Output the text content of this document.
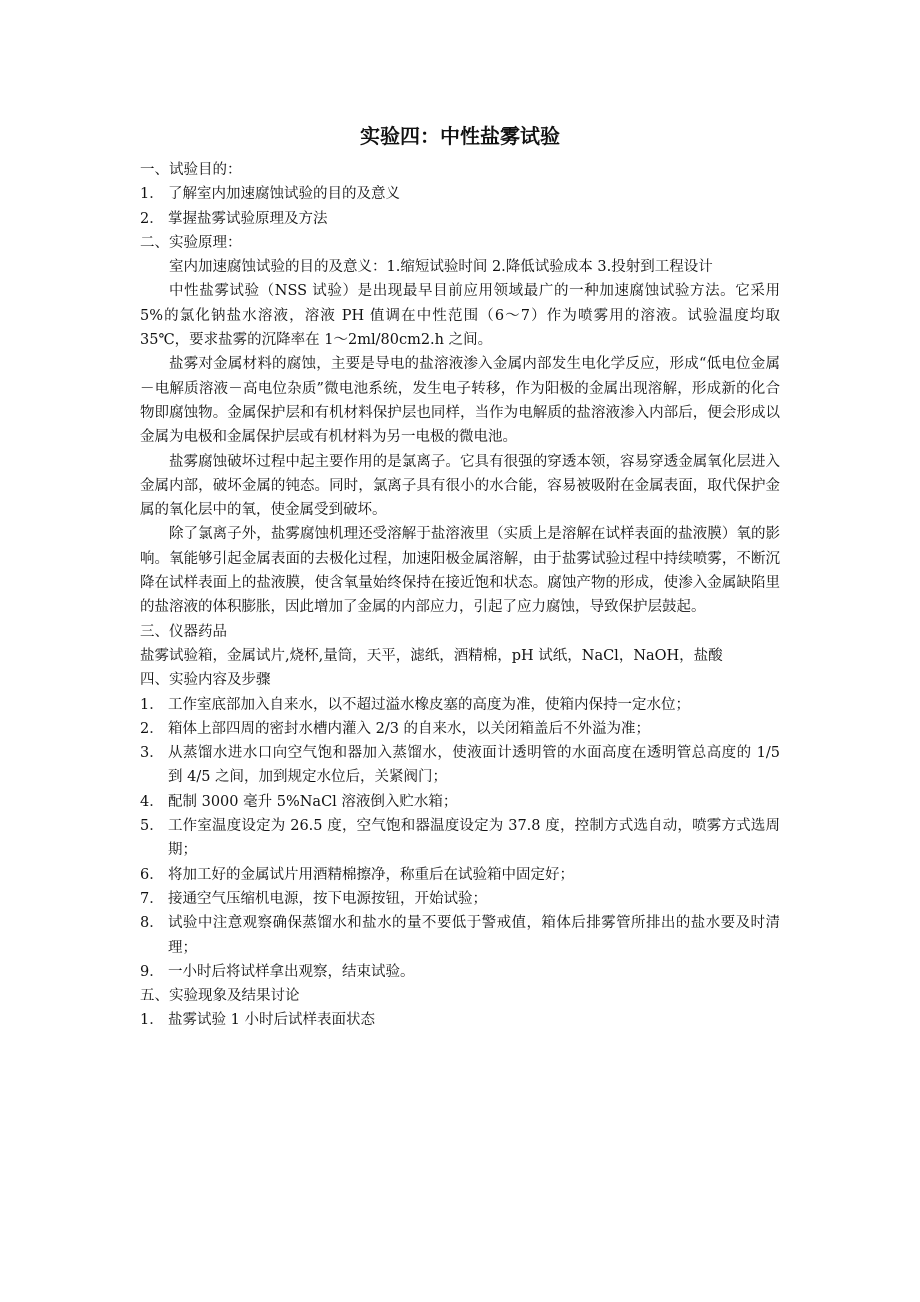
实验四：中性盐雾试验

一、试验目的：

1． 了解室内加速腐蚀试验的目的及意义
2． 掌握盐雾试验原理及方法

二、实验原理：

室内加速腐蚀试验的目的及意义：1.缩短试验时间 2.降低试验成本 3.投射到工程设计

中性盐雾试验（NSS 试验）是出现最早目前应用领域最广的一种加速腐蚀试验方法。它采用 5%的氯化钠盐水溶液，溶液 PH 值调在中性范围（6～7）作为喷雾用的溶液。试验温度均取 35℃，要求盐雾的沉降率在 1～2ml/80cm2.h 之间。

盐雾对金属材料的腐蚀，主要是导电的盐溶液渗入金属内部发生电化学反应，形成“低电位金属－电解质溶液－高电位杂质”微电池系统，发生电子转移，作为阳极的金属出现溶解，形成新的化合物即腐蚀物。金属保护层和有机材料保护层也同样，当作为电解质的盐溶液渗入内部后，便会形成以金属为电极和金属保护层或有机材料为另一电极的微电池。

盐雾腐蚀破坏过程中起主要作用的是氯离子。它具有很强的穿透本领，容易穿透金属氧化层进入金属内部，破坏金属的钝态。同时，氯离子具有很小的水合能，容易被吸附在金属表面，取代保护金属的氧化层中的氧，使金属受到破坏。

除了氯离子外，盐雾腐蚀机理还受溶解于盐溶液里（实质上是溶解在试样表面的盐液膜）氧的影响。氧能够引起金属表面的去极化过程，加速阳极金属溶解，由于盐雾试验过程中持续喷雾，不断沉降在试样表面上的盐液膜，使含氧量始终保持在接近饱和状态。腐蚀产物的形成，使渗入金属缺陷里的盐溶液的体积膨胀，因此增加了金属的内部应力，引起了应力腐蚀，导致保护层鼓起。

三、仪器药品

盐雾试验箱，金属试片,烧杯,量筒，天平，滤纸，酒精棉，pH 试纸，NaCl，NaOH，盐酸

四、实验内容及步骤

1． 工作室底部加入自来水，以不超过溢水橡皮塞的高度为准，使箱内保持一定水位；
2． 箱体上部四周的密封水槽内灌入 2/3 的自来水，以关闭箱盖后不外溢为准；
3． 从蒸馏水进水口向空气饱和器加入蒸馏水，使液面计透明管的水面高度在透明管总高度的 1/5 到 4/5 之间，加到规定水位后，关紧阀门；
4． 配制 3000 毫升 5%NaCl 溶液倒入贮水箱；
5． 工作室温度设定为 26.5 度，空气饱和器温度设定为 37.8 度，控制方式选自动，喷雾方式选周期；
6． 将加工好的金属试片用酒精棉擦净，称重后在试验箱中固定好；
7． 接通空气压缩机电源，按下电源按钮，开始试验；
8． 试验中注意观察确保蒸馏水和盐水的量不要低于警戒值，箱体后排雾管所排出的盐水要及时清理；
9． 一小时后将试样拿出观察，结束试验。

五、实验现象及结果讨论

1． 盐雾试验 1 小时后试样表面状态
